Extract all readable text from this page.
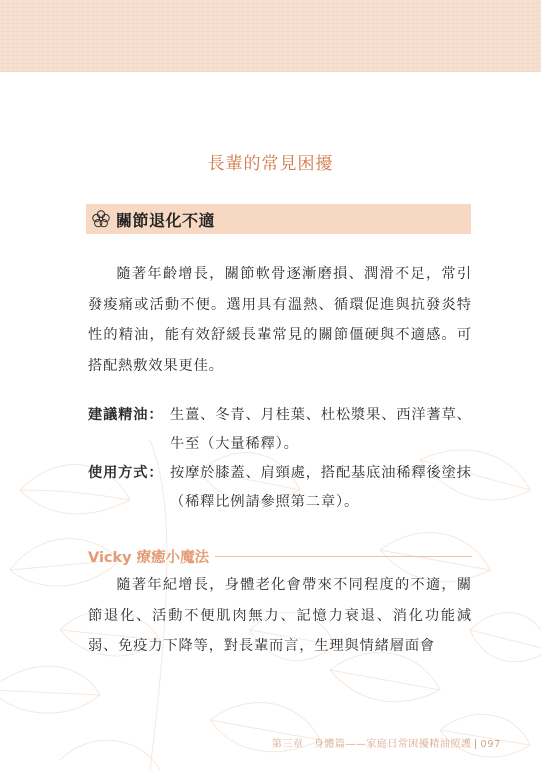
長輩的常見困擾
關節退化不適

隨著年齡增長，關節軟骨逐漸磨損、潤滑不足，常引發痠痛或活動不便。選用具有溫熱、循環促進與抗發炎特性的精油，能有效舒緩長輩常見的關節僵硬與不適感。可搭配熱敷效果更佳。

建議精油： 生薑、冬青、月桂葉、杜松漿果、西洋蓍草、牛至（大量稀釋）。
使用方式： 按摩於膝蓋、肩頸處，搭配基底油稀釋後塗抹（稀釋比例請參照第二章）。
Vicky 療癒小魔法

隨著年紀增長，身體老化會帶來不同程度的不適，關節退化、活動不便肌肉無力、記憶力衰退、消化功能減弱、免疫力下降等，對長輩而言，生理與情緒層面會

第三章　身體篇——家庭日常困擾精油照護 097
